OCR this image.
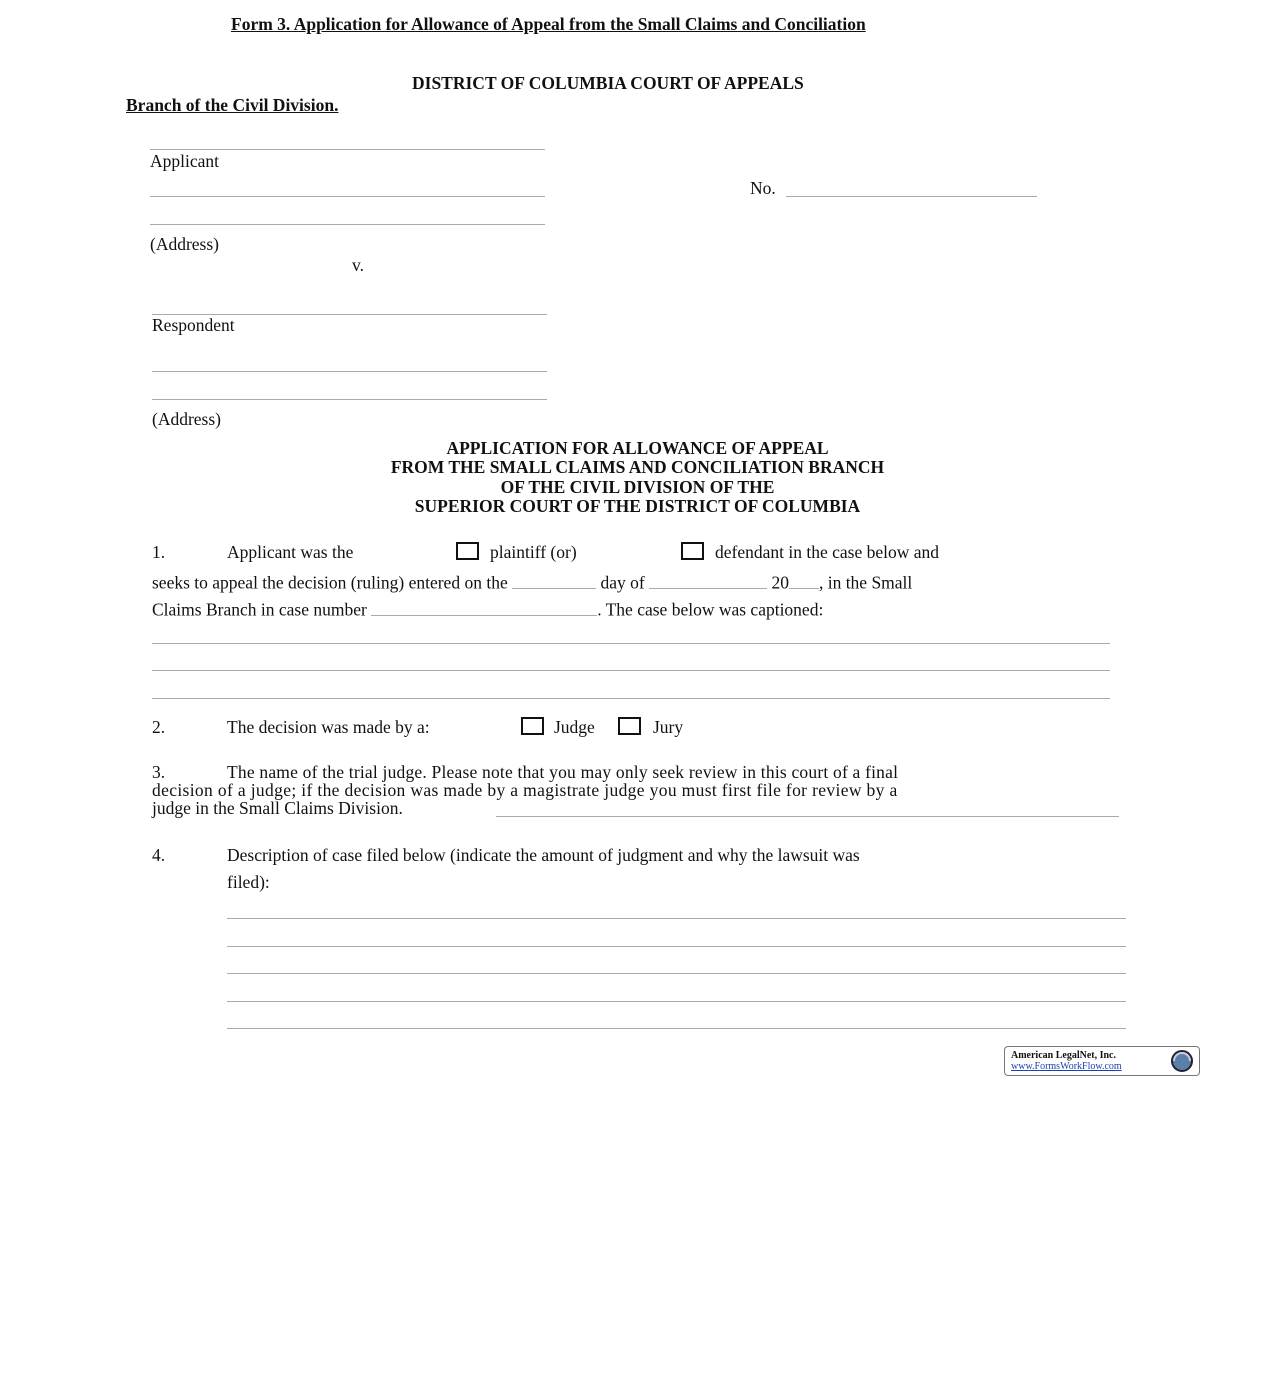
Form 3. Application for Allowance of Appeal from the Small Claims and Conciliation
DISTRICT OF COLUMBIA COURT OF APPEALS
Branch of the Civil Division.
Applicant
(Address)
v.
Respondent
(Address)
No.
APPLICATION FOR ALLOWANCE OF APPEAL
FROM THE SMALL CLAIMS AND CONCILIATION BRANCH
OF THE CIVIL DIVISION OF THE
SUPERIOR COURT OF THE DISTRICT OF COLUMBIA
1.	Applicant was the	plaintiff (or)	defendant in the case below and
seeks to appeal the decision (ruling) entered on the	day of	20 , in the Small
Claims Branch in case number	. The case below was captioned:
2.	The decision was made by a:	Judge	Jury
3.	The name of the trial judge. Please note that you may only seek review in this court of a final
decision of a judge; if the decision was made by a magistrate judge you must first file for review by a
judge in the Small Claims Division.
4.	Description of case filed below (indicate the amount of judgment and why the lawsuit was
filed):
American LegalNet, Inc.
www.FormsWorkFlow.com
